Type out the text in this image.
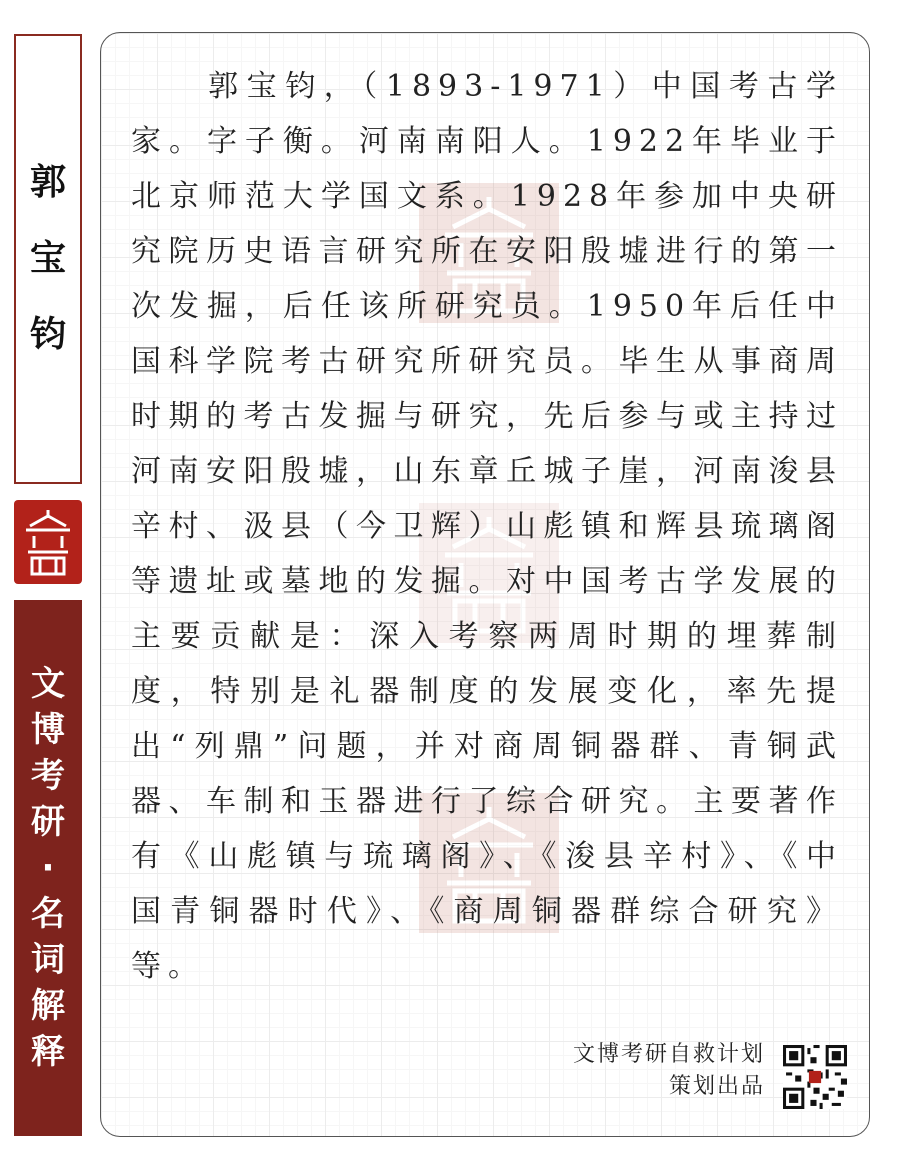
郭
宝
钧
文
博
考
研
·
名
词
解
释

　　郭宝钧，（1893-1971）中国考古学家。字子衡。河南南阳人。1922年毕业于北京师范大学国文系。1928年参加中央研究院历史语言研究所在安阳殷墟进行的第一次发掘，后任该所研究员。1950年后任中国科学院考古研究所研究员。毕生从事商周时期的考古发掘与研究，先后参与或主持过河南安阳殷墟，山东章丘城子崖，河南浚县辛村、汲县（今卫辉）山彪镇和辉县琉璃阁等遗址或墓地的发掘。对中国考古学发展的主要贡献是：深入考察两周时期的埋葬制度，特别是礼器制度的发展变化，率先提出“列鼎”问题，并对商周铜器群、青铜武器、车制和玉器进行了综合研究。主要著作有《山彪镇与琉璃阁》、《浚县辛村》、《中国青铜器时代》、《商周铜器群综合研究》等。

文博考研自救计划
策划出品
